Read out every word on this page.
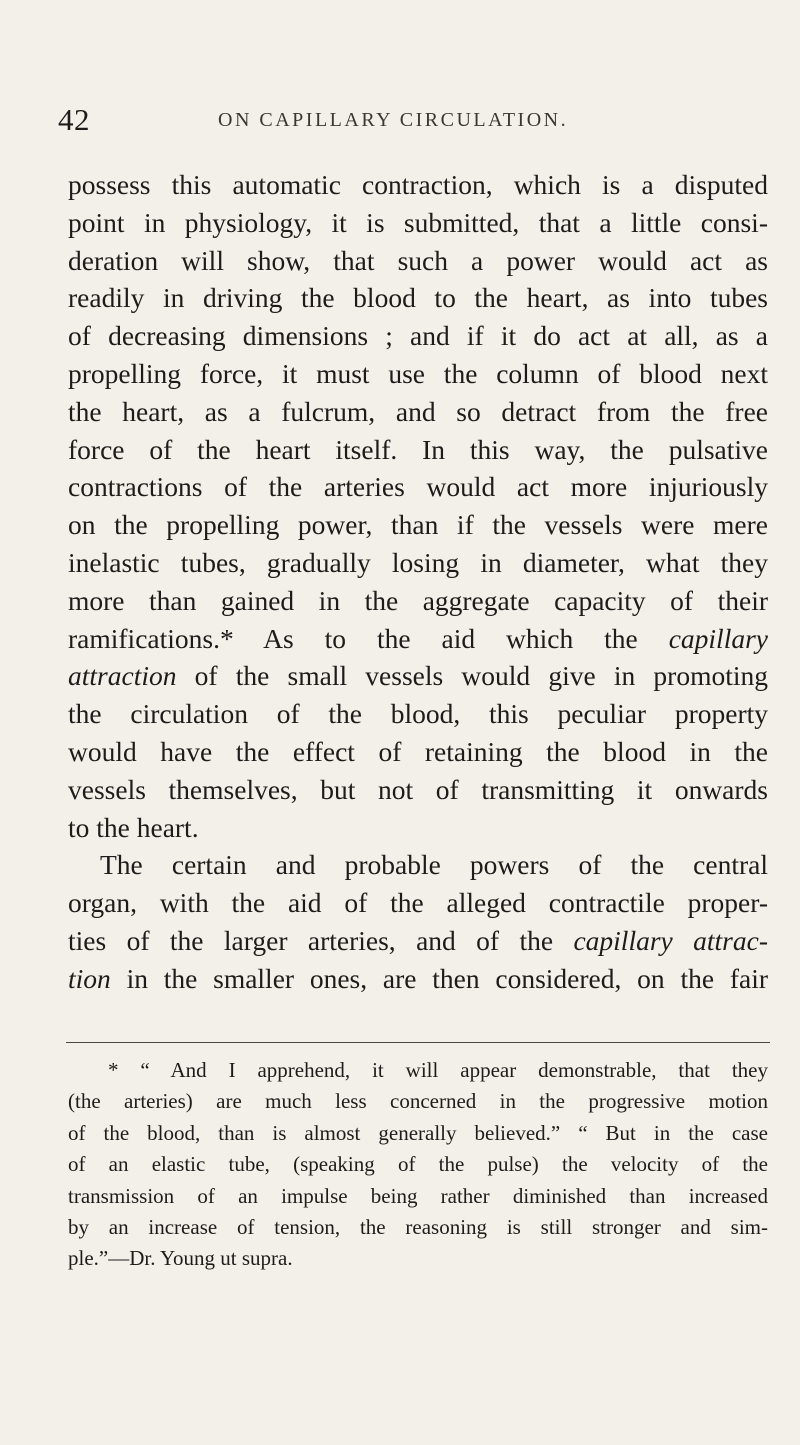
42	ON CAPILLARY CIRCULATION.
possess this automatic contraction, which is a disputed
point in physiology, it is submitted, that a little consi-
deration will show, that such a power would act as
readily in driving the blood to the heart, as into tubes
of decreasing dimensions ; and if it do act at all, as a
propelling force, it must use the column of blood next
the heart, as a fulcrum, and so detract from the free
force of the heart itself. In this way, the pulsative
contractions of the arteries would act more injuriously
on the propelling power, than if the vessels were mere
inelastic tubes, gradually losing in diameter, what they
more than gained in the aggregate capacity of their
ramifications.* As to the aid which the capillary
attraction of the small vessels would give in promoting
the circulation of the blood, this peculiar property
would have the effect of retaining the blood in the
vessels themselves, but not of transmitting it onwards
to the heart.
The certain and probable powers of the central
organ, with the aid of the alleged contractile proper-
ties of the larger arteries, and of the capillary attrac-
tion in the smaller ones, are then considered, on the fair
* “ And I apprehend, it will appear demonstrable, that they
(the arteries) are much less concerned in the progressive motion
of the blood, than is almost generally believed.” “ But in the case
of an elastic tube, (speaking of the pulse) the velocity of the
transmission of an impulse being rather diminished than increased
by an increase of tension, the reasoning is still stronger and sim-
ple.”—Dr. Young ut supra.
